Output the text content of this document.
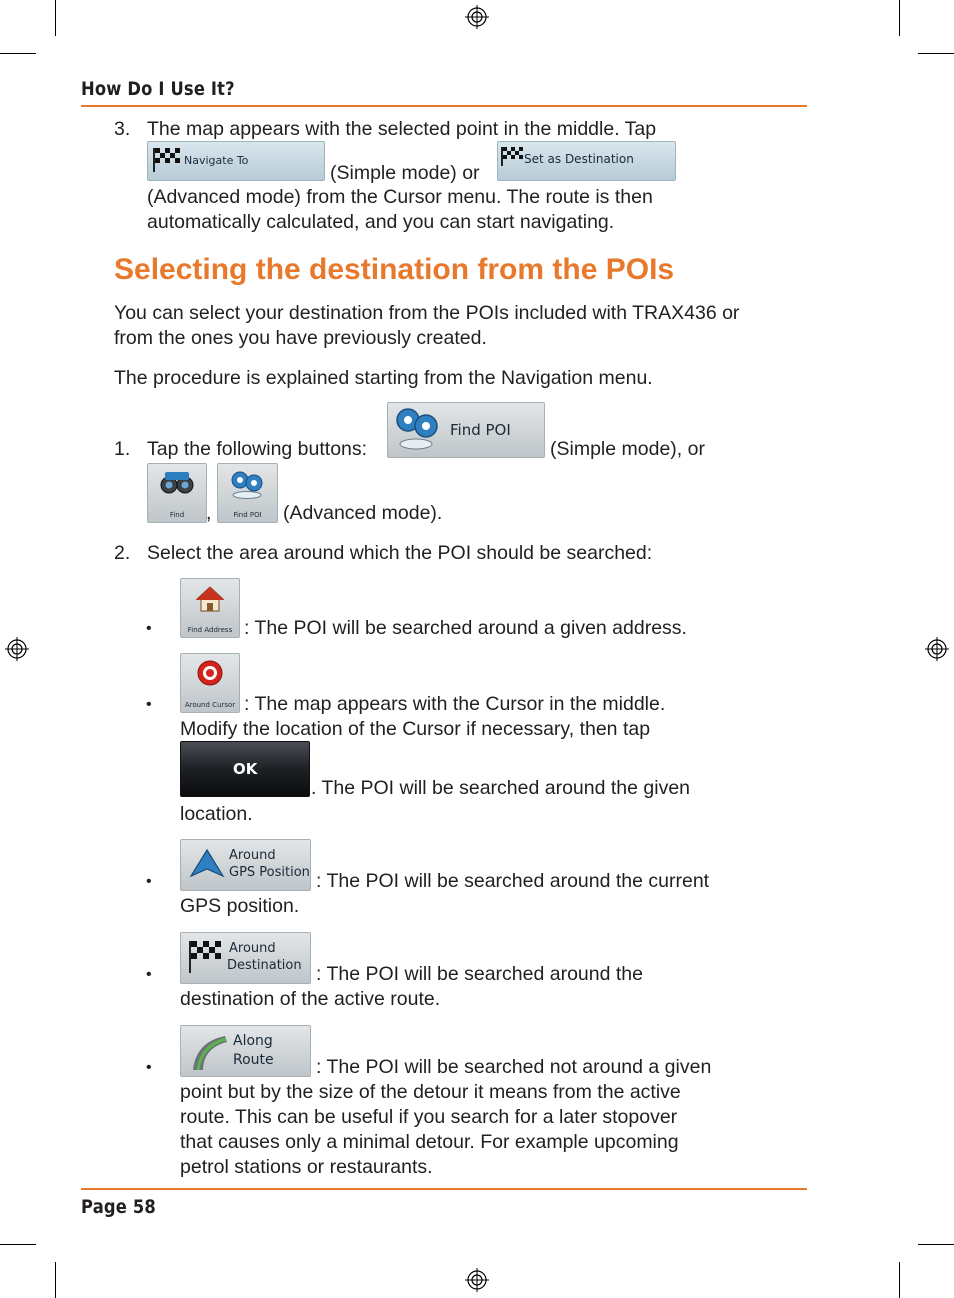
How Do I Use It?
3. The map appears with the selected point in the middle. Tap
Navigate To
(Simple mode) or
Set as Destination
(Advanced mode) from the Cursor menu. The route is then
automatically calculated, and you can start navigating.
Selecting the destination from the POIs
You can select your destination from the POIs included with TRAX436 or
from the ones you have previously created.
The procedure is explained starting from the Navigation menu.
1. Tap the following buttons:
Find POI
(Simple mode), or
Find	,	Find POI	(Advanced mode).
2. Select the area around which the POI should be searched:
•	Find Address : The POI will be searched around a given address.
•	Around Cursor : The map appears with the Cursor in the middle.
Modify the location of the Cursor if necessary, then tap
OK
. The POI will be searched around the given
location.
•
Around
GPS Position : The POI will be searched around the current
GPS position.
•
Around
Destination : The POI will be searched around the
destination of the active route.
•
Along
Route : The POI will be searched not around a given
point but by the size of the detour it means from the active
route. This can be useful if you search for a later stopover
that causes only a minimal detour. For example upcoming
petrol stations or restaurants.
Page 58
